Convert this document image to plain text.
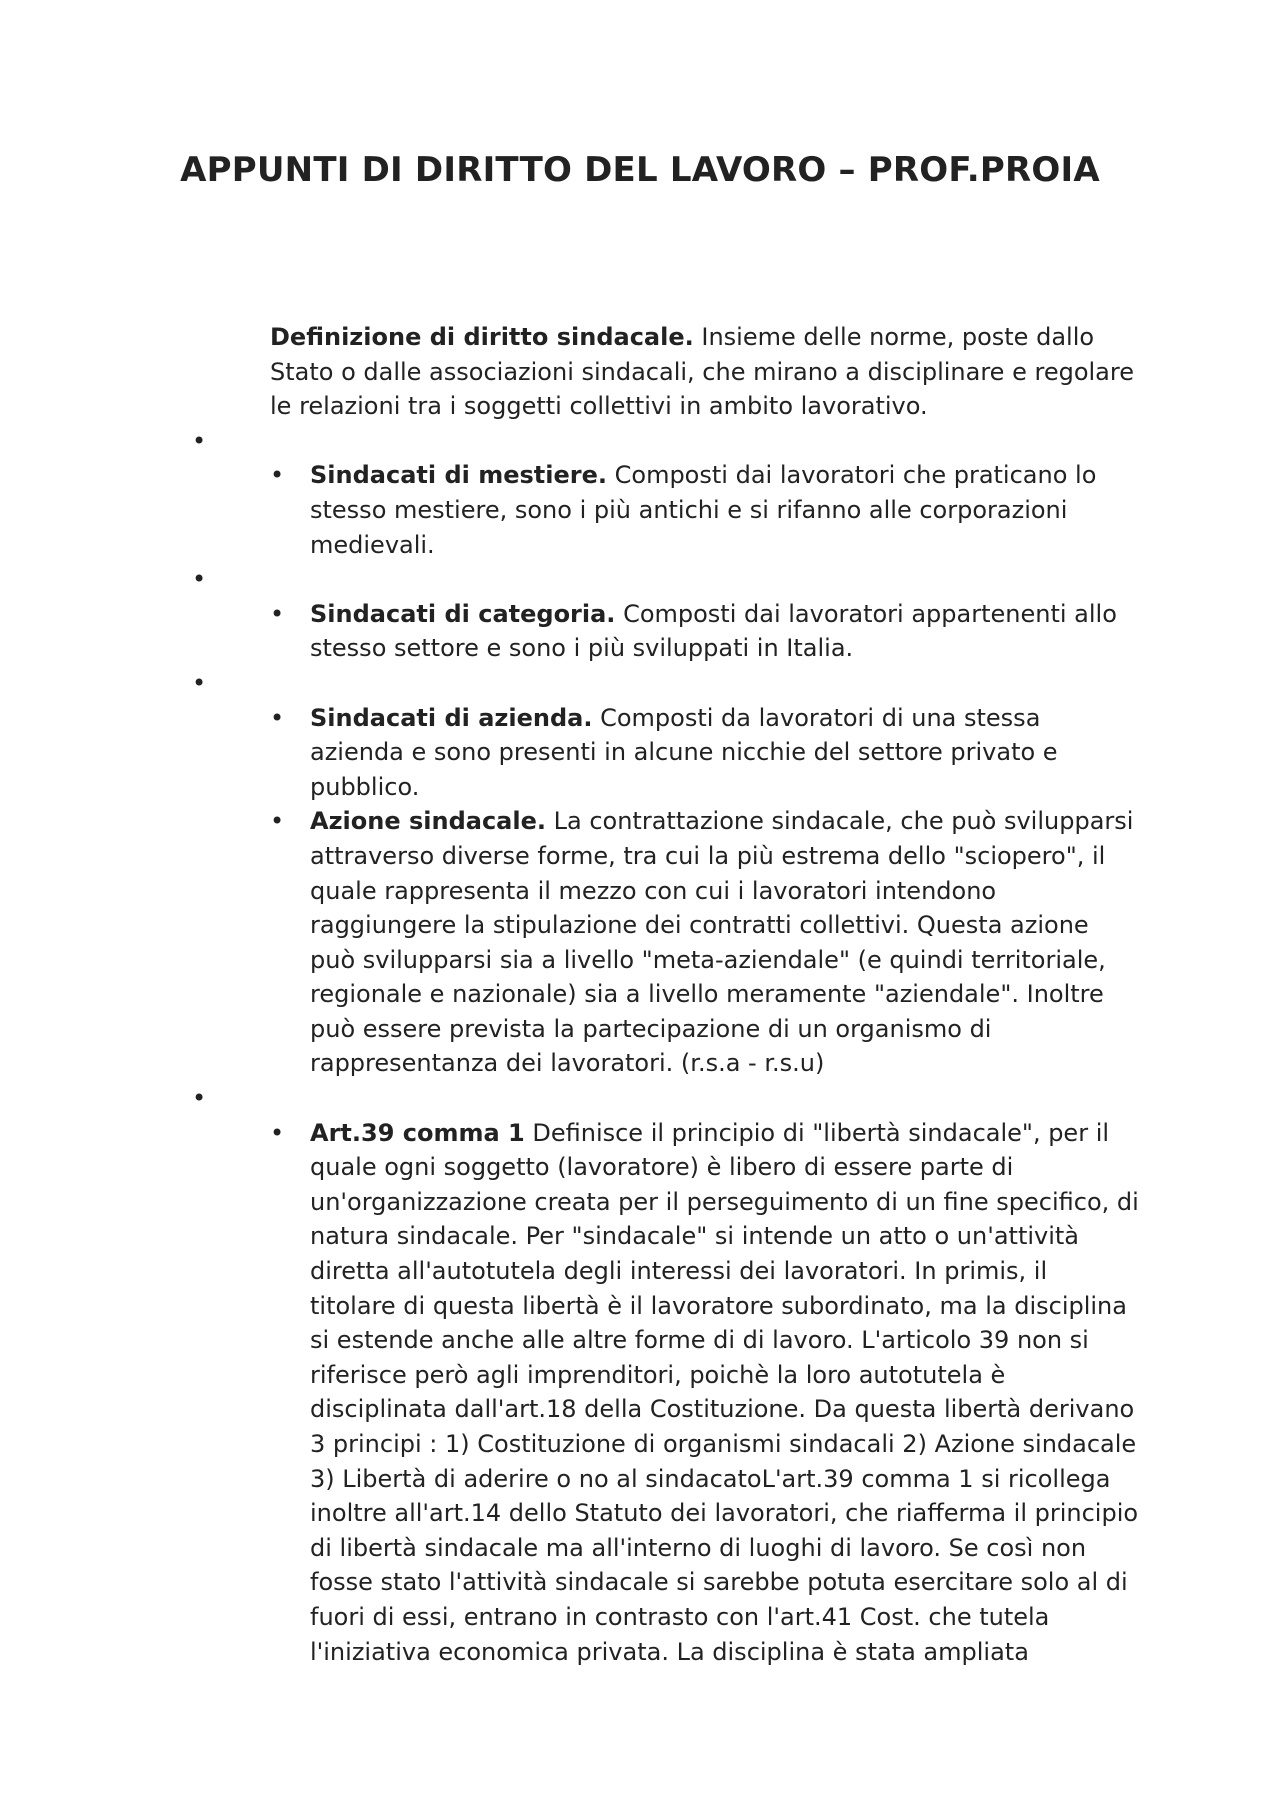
APPUNTI DI DIRITTO DEL LAVORO – PROF.PROIA

Definizione di diritto sindacale. Insieme delle norme, poste dallo Stato o dalle associazioni sindacali, che mirano a disciplinare e regolare le relazioni tra i soggetti collettivi in ambito lavorativo.

•

• Sindacati di mestiere. Composti dai lavoratori che praticano lo stesso mestiere, sono i più antichi e si rifanno alle corporazioni medievali.

•

• Sindacati di categoria. Composti dai lavoratori appartenenti allo stesso settore e sono i più sviluppati in Italia.

•

• Sindacati di azienda. Composti da lavoratori di una stessa azienda e sono presenti in alcune nicchie del settore privato e pubblico.

• Azione sindacale. La contrattazione sindacale, che può svilupparsi attraverso diverse forme, tra cui la più estrema dello "sciopero", il quale rappresenta il mezzo con cui i lavoratori intendono raggiungere la stipulazione dei contratti collettivi. Questa azione può svilupparsi sia a livello "meta-aziendale" (e quindi territoriale, regionale e nazionale) sia a livello meramente "aziendale". Inoltre può essere prevista la partecipazione di un organismo di rappresentanza dei lavoratori. (r.s.a - r.s.u)

•

• Art.39 comma 1 Definisce il principio di "libertà sindacale", per il quale ogni soggetto (lavoratore) è libero di essere parte di un'organizzazione creata per il perseguimento di un fine specifico, di natura sindacale. Per "sindacale" si intende un atto o un'attività diretta all'autotutela degli interessi dei lavoratori. In primis, il titolare di questa libertà è il lavoratore subordinato, ma la disciplina si estende anche alle altre forme di di lavoro. L'articolo 39 non si riferisce però agli imprenditori, poichè la loro autotutela è disciplinata dall'art.18 della Costituzione. Da questa libertà derivano 3 principi : 1) Costituzione di organismi sindacali 2) Azione sindacale 3) Libertà di aderire o no al sindacatoL'art.39 comma 1 si ricollega inoltre all'art.14 dello Statuto dei lavoratori, che riafferma il principio di libertà sindacale ma all'interno di luoghi di lavoro. Se così non fosse stato l'attività sindacale si sarebbe potuta esercitare solo al di fuori di essi, entrano in contrasto con l'art.41 Cost. che tutela l'iniziativa economica privata. La disciplina è stata ampliata
